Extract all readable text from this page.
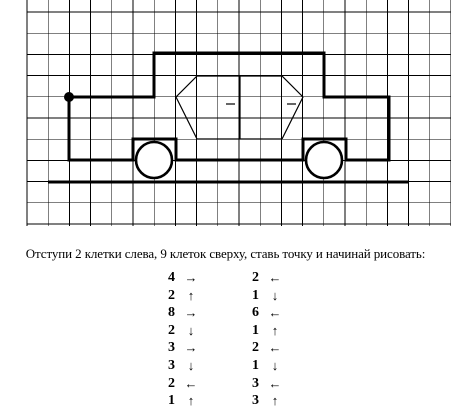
Отступи 2 клетки слева, 9 клеток сверху, ставь точку и начинай рисовать:
4 →
2 ↑
8 →
2 ↓
3 →
3 ↓
2 ←
1 ↑
2 ←
1 ↓
6 ←
1 ↑
2 ←
1 ↓
3 ←
3 ↑
